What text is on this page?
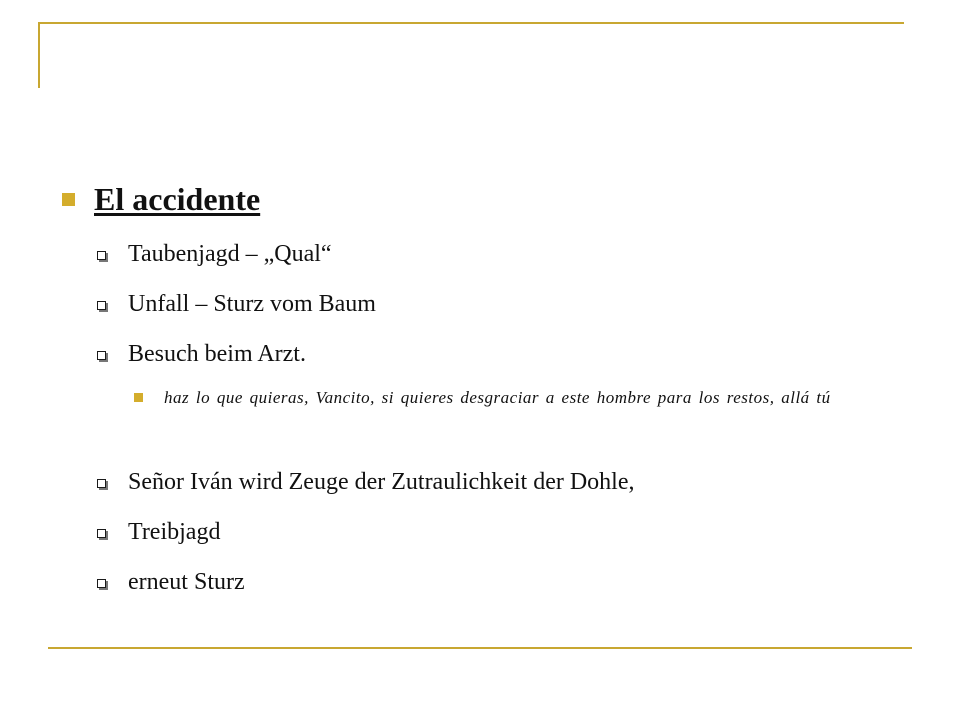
El accidente
Taubenjagd – „Qual“
Unfall – Sturz vom Baum
Besuch beim Arzt.
haz lo que quieras, Vancito, si quieres desgraciar a este hombre para los restos, allá tú
Señor Iván wird Zeuge der Zutraulichkeit der Dohle,
Treibjagd
erneut Sturz
